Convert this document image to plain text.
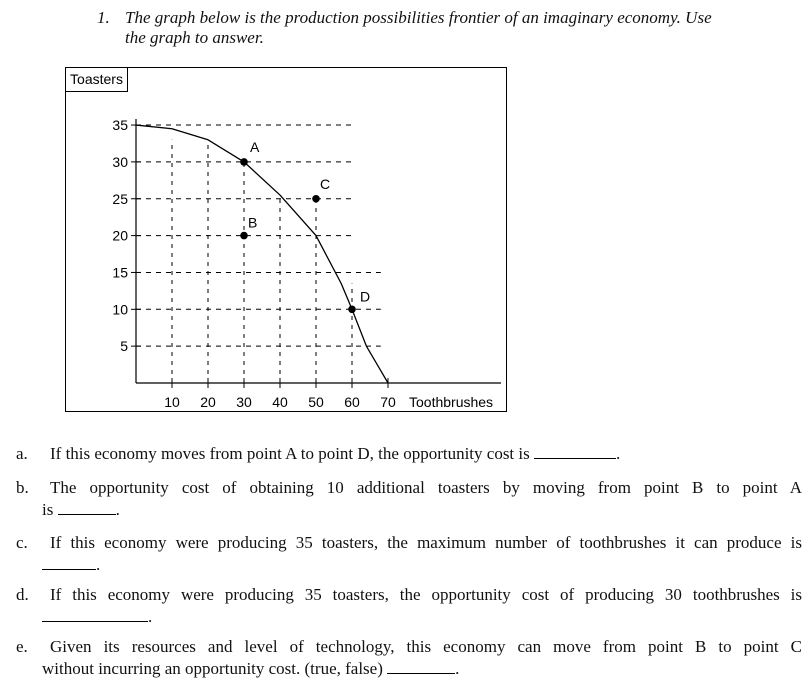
1. The graph below is the production possibilities frontier of an imaginary economy. Use
the graph to answer.
Toasters
5
10
15
20
25
30
35
10 20 30 40 50 60 70
A
B
C
D
Toothbrushes
a. If this economy moves from point A to point D, the opportunity cost is	.
b. The opportunity cost of obtaining 10 additional toasters by moving from point B to point A
is	.
c. If this economy were producing 35 toasters, the maximum number of toothbrushes it can produce is
.
d. If this economy were producing 35 toasters, the opportunity cost of producing 30 toothbrushes is
.
e. Given its resources and level of technology, this economy can move from point B to point C
without incurring an opportunity cost. (true, false)	.
